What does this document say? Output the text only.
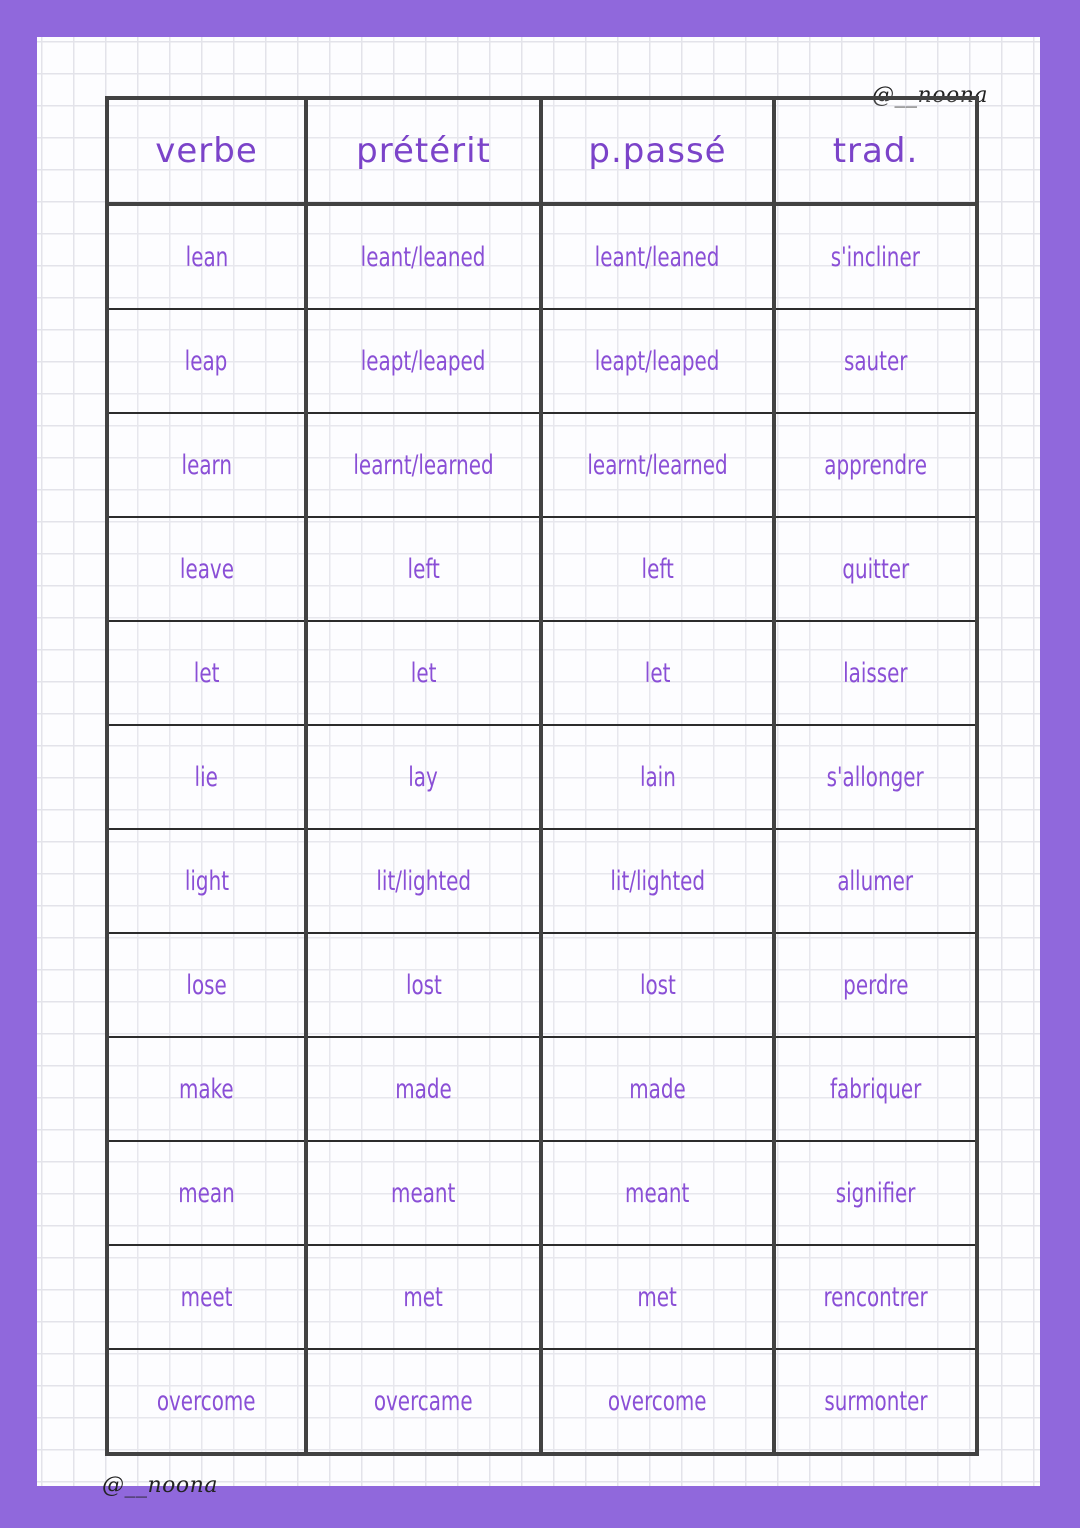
@__noona
@__noona
verbe	prétérit	p.passé	trad.
lean	leant/leaned	leant/leaned	s'incliner
leap	leapt/leaped	leapt/leaped	sauter
learn	learnt/learned	learnt/learned	apprendre
leave	left	left	quitter
let	let	let	laisser
lie	lay	lain	s'allonger
light	lit/lighted	lit/lighted	allumer
lose	lost	lost	perdre
make	made	made	fabriquer
mean	meant	meant	signifier
meet	met	met	rencontrer
overcome	overcame	overcome	surmonter
